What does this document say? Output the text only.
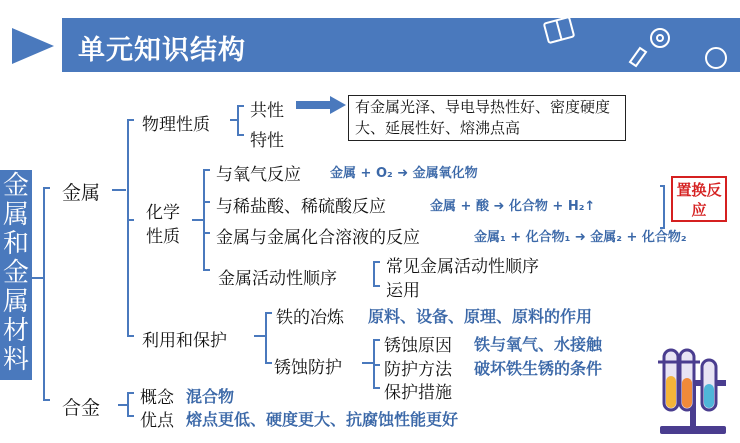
单元知识结构
金属和金属材料
金属
物理性质
共性
特性
有金属光泽、导电导热性好、密度硬度大、延展性好、熔沸点高
化学
性质
与氧气反应 金属 + O₂ ➜ 金属氧化物
与稀盐酸、稀硫酸反应	金属 + 酸 ➜ 化合物 + H₂↑
金属与金属化合溶液的反应	金属₁ + 化合物₁ ➜ 金属₂ + 化合物₂
置换反应
金属活动性顺序
常见金属活动性顺序
运用
利用和保护
铁的冶炼 原料、设备、原理、原料的作用
锈蚀防护
锈蚀原因 铁与氧气、水接触
防护方法 破坏铁生锈的条件
保护措施
合金 概念 混合物
优点 熔点更低、硬度更大、抗腐蚀性能更好
